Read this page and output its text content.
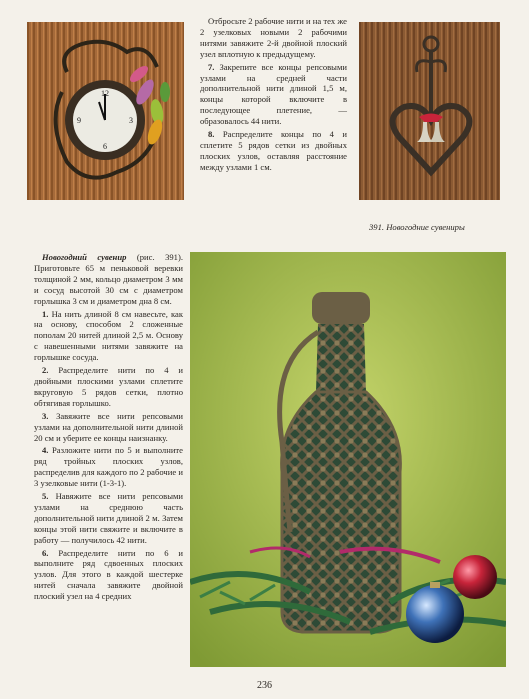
12
3
6
9

Отбросьте 2 рабочие нити и на тех же 2 узелковых новыми 2 рабочими нитями завяжите 2-й двойной плоский узел вплотную к предыдущему.

7. Закрепите все концы репсовыми узлами на средней части дополнительной нити длиной 1,5 м, концы которой включите в последующее плетение, — образовалось 44 нити.

8. Распределите концы по 4 и сплетите 5 рядов сетки из двойных плоских узлов, оставляя расстояние между узлами 1 см.

391. Новогодние сувениры

Новогодний сувенир (рис. 391). Приготовьте 65 м пеньковой веревки толщиной 2 мм, кольцо диаметром 3 мм и сосуд высотой 30 см с диаметром горлышка 3 см и диаметром дна 8 см.

1. На нить длиной 8 см навесьте, как на основу, способом 2 сложенные пополам 20 нитей длиной 2,5 м. Основу с навешенными нитями завяжите на горлышке сосуда.

2. Распределите нити по 4 и двойными плоскими узлами сплетите вкруговую 5 рядов сетки, плотно обтягивая горлышко.

3. Завяжите все нити репсовыми узлами на дополнительной нити длиной 20 см и уберите ее концы наизнанку.

4. Разложите нити по 5 и выполните ряд тройных плоских узлов, распределив для каждого по 2 рабочие и 3 узелковые нити (1-3-1).

5. Навяжите все нити репсовыми узлами на среднюю часть дополнительной нити длиной 2 м. Затем концы этой нити свяжите и включите в работу — получилось 42 нити.

6. Распределите нити по 6 и выполните ряд сдвоенных плоских узлов. Для этого в каждой шестерке нитей сначала завяжите двойной плоский узел на 4 средних

236
